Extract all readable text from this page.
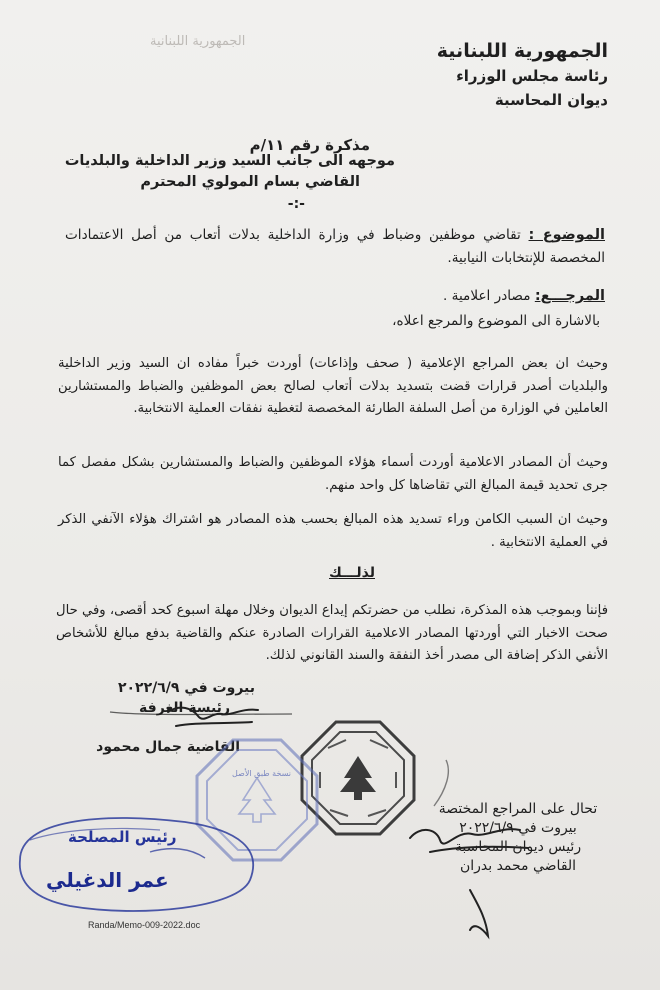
الجمهورية اللبنانية	الجمهورية اللبنانية
رئاسة مجلس الوزراء
ديوان المحاسبة
مذكرة رقم ١١/م
موجهه الى جانب السيد وزير الداخلية والبلديات
القاضي بسام المولوي المحترم
-:-
الموضوع : تقاضي موظفين وضباط في وزارة الداخلية بدلات أتعاب من أصل الاعتمادات المخصصة للإنتخابات النيابية.
المرجـــع: مصادر اعلامية .
بالاشارة الى الموضوع والمرجع اعلاه،
وحيث ان بعض المراجع الإعلامية ( صحف وإذاعات) أوردت خبراً مفاده ان السيد وزير الداخلية والبلديات أصدر قرارات قضت بتسديد بدلات أتعاب لصالح بعض الموظفين والضباط والمستشارين العاملين في الوزارة من أصل السلفة الطارئة المخصصة لتغطية نفقات العملية الانتخابية.
وحيث أن المصادر الاعلامية أوردت أسماء هؤلاء الموظفين والضباط والمستشارين بشكل مفصل كما جرى تحديد قيمة المبالغ التي تقاضاها كل واحد منهم.
وحيث ان السبب الكامن وراء تسديد هذه المبالغ بحسب هذه المصادر هو اشتراك هؤلاء الآنفي الذكر في العملية الانتخابية .
لذلـــك
فإننا وبموجب هذه المذكرة، نطلب من حضرتكم إيداع الديوان وخلال مهلة اسبوع كحد أقصى، وفي حال صحت الاخبار التي أوردتها المصادر الاعلامية القرارات الصادرة عنكم والقاضية بدفع مبالغ للأشخاص الأنفي الذكر إضافة الى مصدر أخذ النفقة والسند القانوني لذلك.
بيروت في ٢٠٢٢/٦/٩
رئيسة الغرفة
القاضية جمال محمود
تحال على المراجع المختصة
بيروت في ٢٠٢٢/٦/٩
رئيس ديوان المحاسبة
القاضي محمد بدران
نسخة طبق الأصل
رئيس المصلحة
عمر الدغيلي
Randa/Memo-009-2022.doc
